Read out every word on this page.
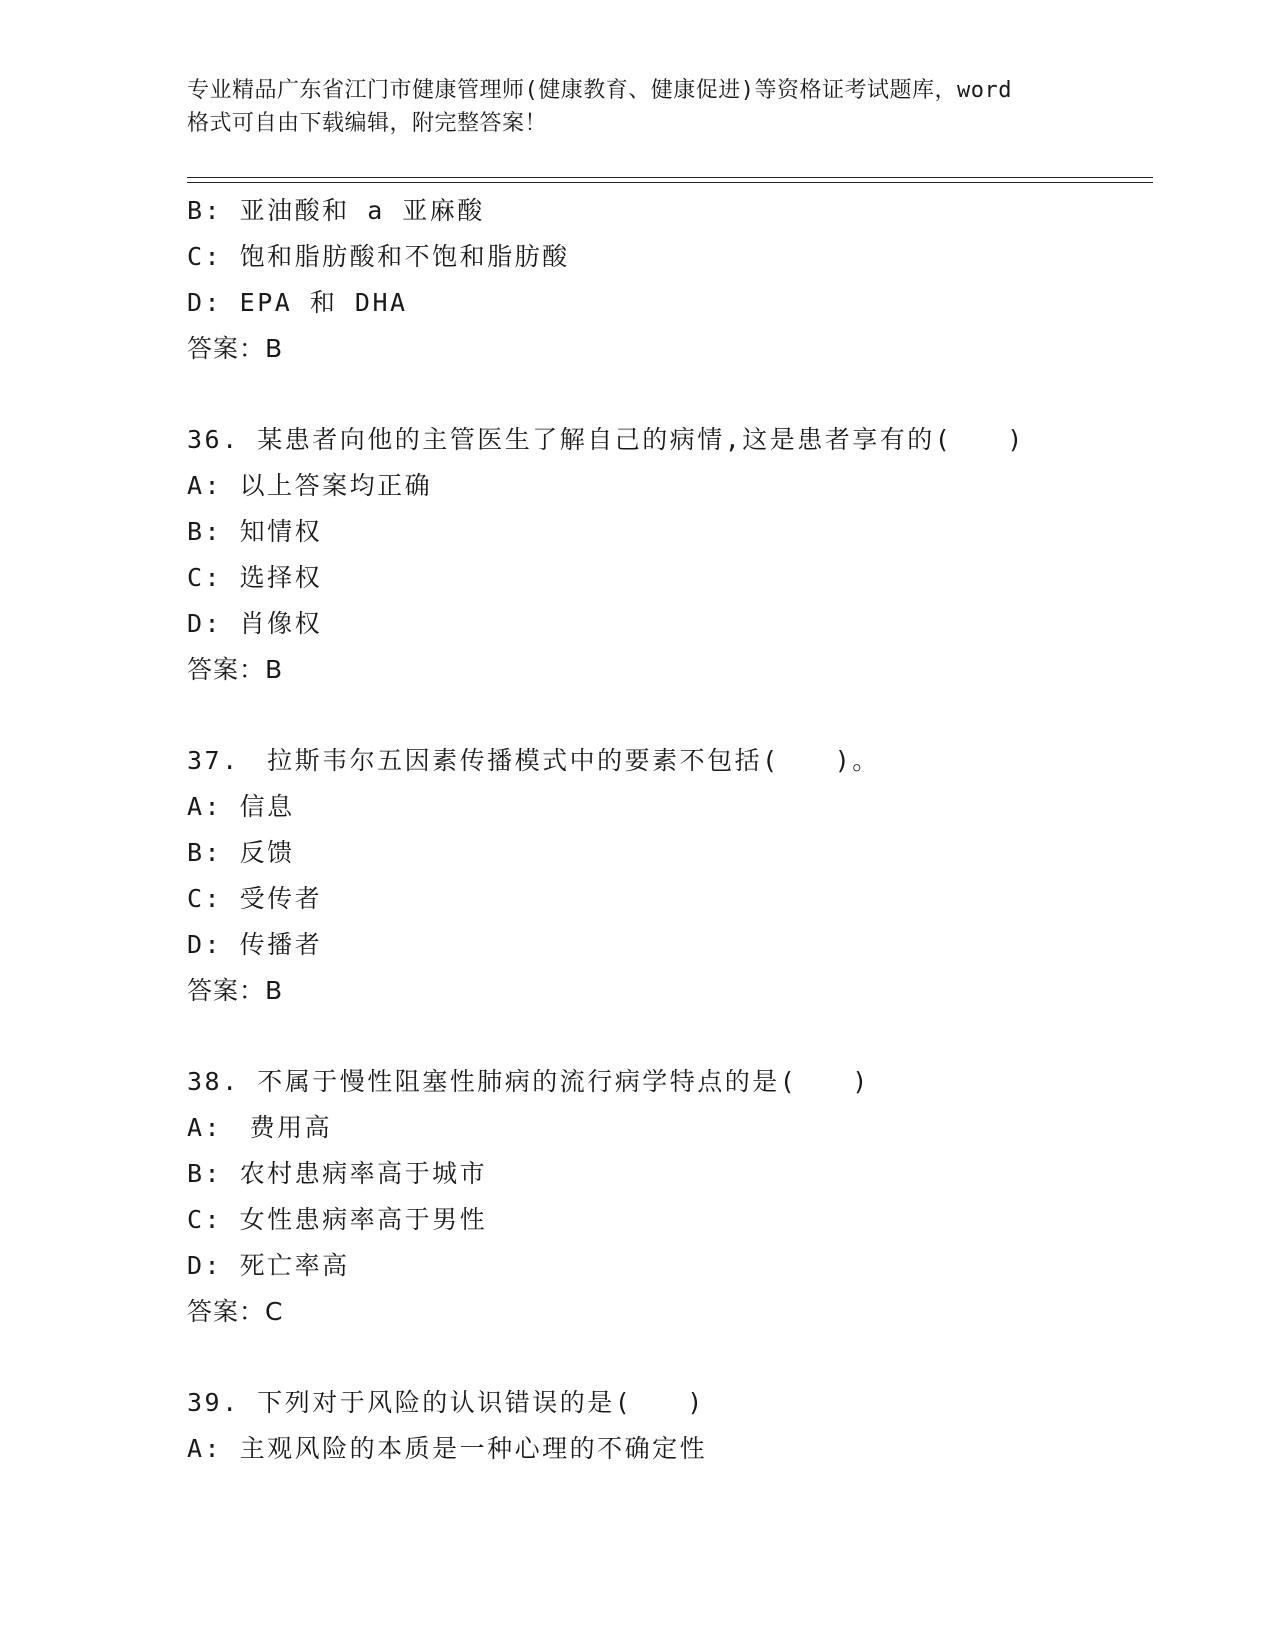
专业精品广东省江门市健康管理师(健康教育、健康促进)等资格证考试题库，word
格式可自由下载编辑，附完整答案！
B: 亚油酸和 a 亚麻酸
C: 饱和脂肪酸和不饱和脂肪酸
D: EPA 和 DHA
答案：B
36. 某患者向他的主管医生了解自己的病情,这是患者享有的(　　)
A: 以上答案均正确
B: 知情权
C: 选择权
D: 肖像权
答案：B
37.　拉斯韦尔五因素传播模式中的要素不包括(　　)。
A: 信息
B: 反馈
C: 受传者
D: 传播者
答案：B
38. 不属于慢性阻塞性肺病的流行病学特点的是(　　)
A:　费用高
B: 农村患病率高于城市
C: 女性患病率高于男性
D: 死亡率高
答案：C
39. 下列对于风险的认识错误的是(　　)
A: 主观风险的本质是一种心理的不确定性
